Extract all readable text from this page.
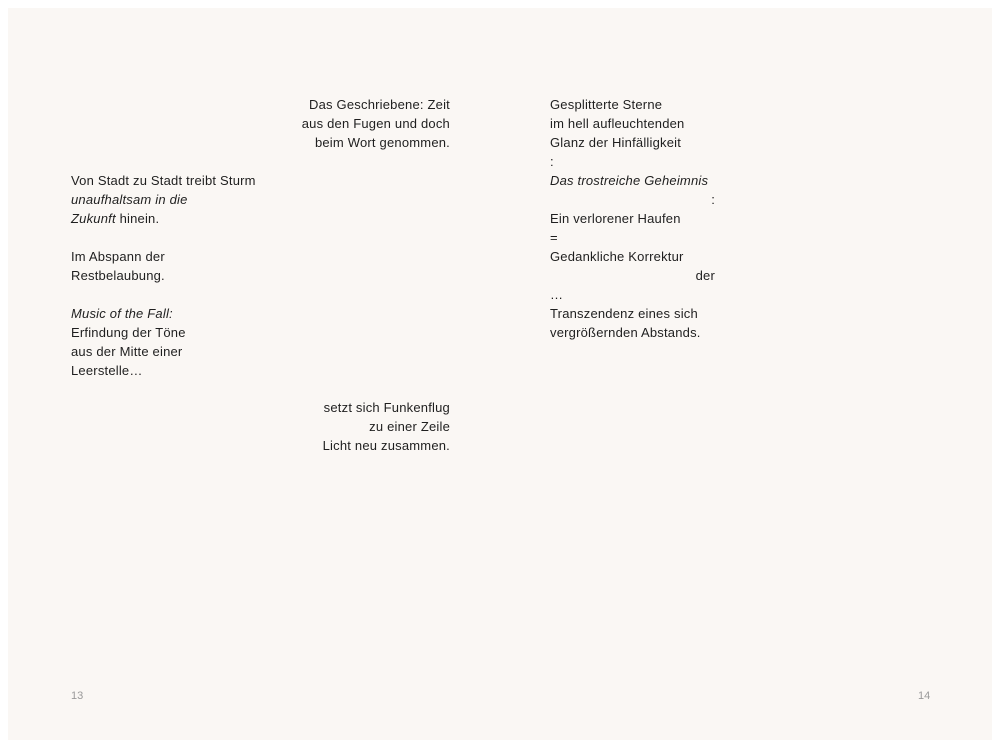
Das Geschriebene: Zeit
aus den Fugen und doch
beim Wort genommen.
Von Stadt zu Stadt treibt Sturm
unaufhaltsam in die
Zukunft hinein.
Im Abspann der
Restbelaubung.
Music of the Fall:
Erfindung der Töne
aus der Mitte einer
Leerstelle…
setzt sich Funkenflug
zu einer Zeile
Licht neu zusammen.
13
Gesplitterte Sterne
im hell aufleuchtenden
Glanz der Hinfälligkeit
:
Das trostreiche Geheimnis
:
Ein verlorener Haufen
=
Gedankliche Korrektur
der
…
Transzendenz eines sich
vergrößernden Abstands.
14
